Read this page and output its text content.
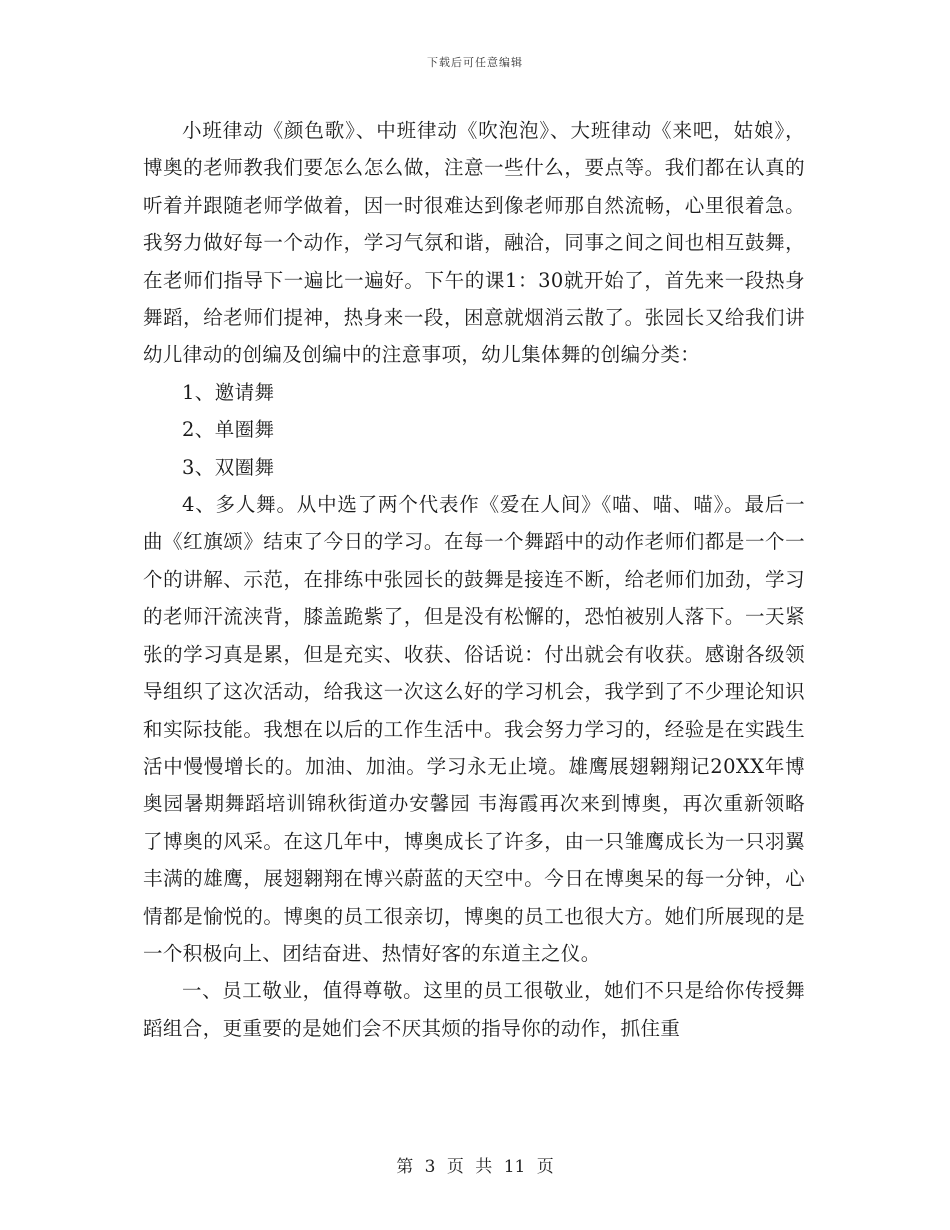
下载后可任意编辑

小班律动《颜色歌》、中班律动《吹泡泡》、大班律动《来吧，姑娘》，博奥的老师教我们要怎么怎么做，注意一些什么，要点等。我们都在认真的听着并跟随老师学做着，因一时很难达到像老师那自然流畅，心里很着急。我努力做好每一个动作，学习气氛和谐，融洽，同事之间之间也相互鼓舞，在老师们指导下一遍比一遍好。下午的课1：30就开始了，首先来一段热身舞蹈，给老师们提神，热身来一段，困意就烟消云散了。张园长又给我们讲幼儿律动的创编及创编中的注意事项，幼儿集体舞的创编分类：

1、邀请舞

2、单圈舞

3、双圈舞

4、多人舞。从中选了两个代表作《爱在人间》《喵、喵、喵》。最后一曲《红旗颂》结束了今日的学习。在每一个舞蹈中的动作老师们都是一个一个的讲解、示范，在排练中张园长的鼓舞是接连不断，给老师们加劲，学习的老师汗流浃背，膝盖跪紫了，但是没有松懈的，恐怕被别人落下。一天紧张的学习真是累，但是充实、收获、俗话说：付出就会有收获。感谢各级领导组织了这次活动，给我这一次这么好的学习机会，我学到了不少理论知识和实际技能。我想在以后的工作生活中。我会努力学习的，经验是在实践生活中慢慢增长的。加油、加油。学习永无止境。雄鹰展翅翱翔记20XX年博奥园暑期舞蹈培训锦秋街道办安馨园 韦海霞再次来到博奥，再次重新领略了博奥的风采。在这几年中，博奥成长了许多，由一只雏鹰成长为一只羽翼丰满的雄鹰，展翅翱翔在博兴蔚蓝的天空中。今日在博奥呆的每一分钟，心情都是愉悦的。博奥的员工很亲切，博奥的员工也很大方。她们所展现的是一个积极向上、团结奋进、热情好客的东道主之仪。

一、员工敬业，值得尊敬。这里的员工很敬业，她们不只是给你传授舞蹈组合，更重要的是她们会不厌其烦的指导你的动作，抓住重

第 3 页 共 11 页
